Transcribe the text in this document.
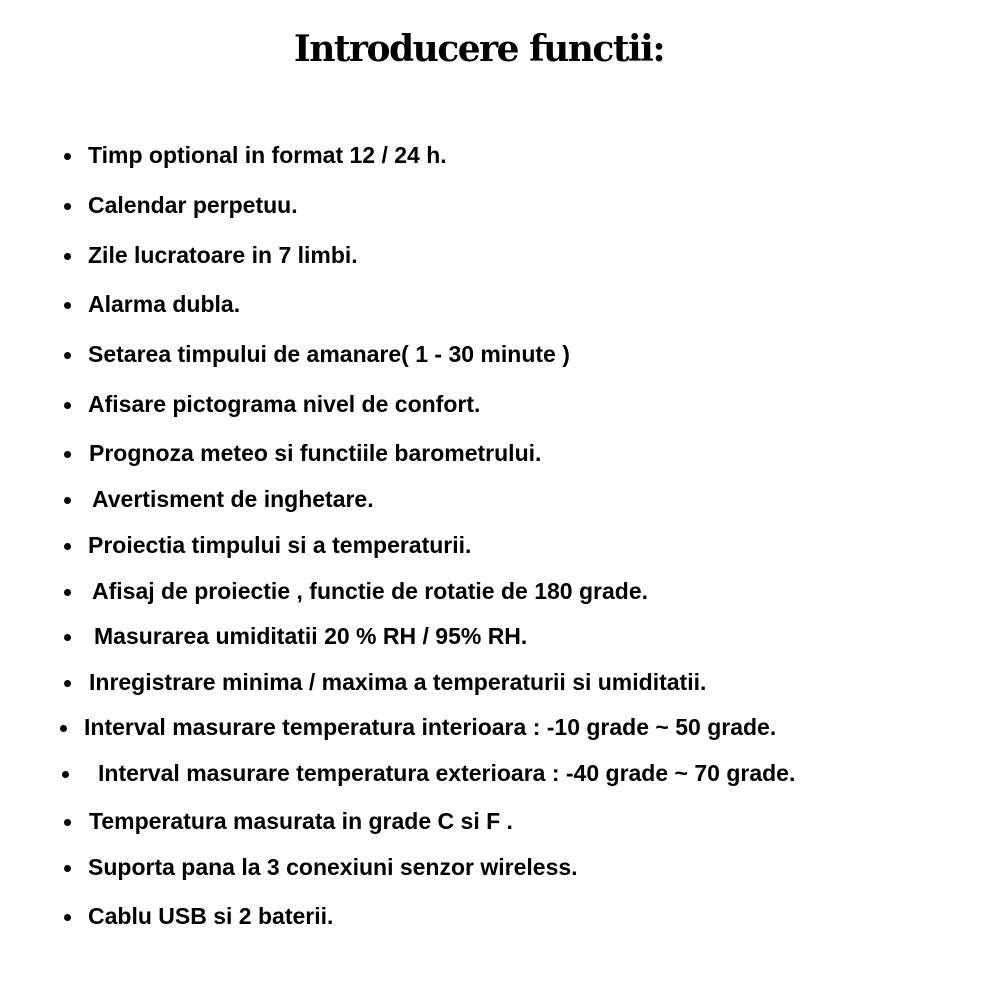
Introducere functii:
Timp optional in format 12 / 24 h.
Calendar perpetuu.
Zile lucratoare in 7 limbi.
Alarma dubla.
Setarea timpului de amanare( 1 - 30 minute )
Afisare pictograma nivel de confort.
Prognoza meteo si functiile barometrului.
Avertisment de inghetare.
Proiectia timpului si a temperaturii.
Afisaj de proiectie , functie de rotatie de 180 grade.
Masurarea umiditatii 20 % RH / 95% RH.
Inregistrare minima / maxima a temperaturii si umiditatii.
Interval masurare temperatura interioara : -10 grade ~ 50 grade.
Interval masurare temperatura exterioara : -40 grade ~ 70 grade.
Temperatura masurata in grade C si F .
Suporta pana la 3 conexiuni senzor wireless.
Cablu USB si 2 baterii.
